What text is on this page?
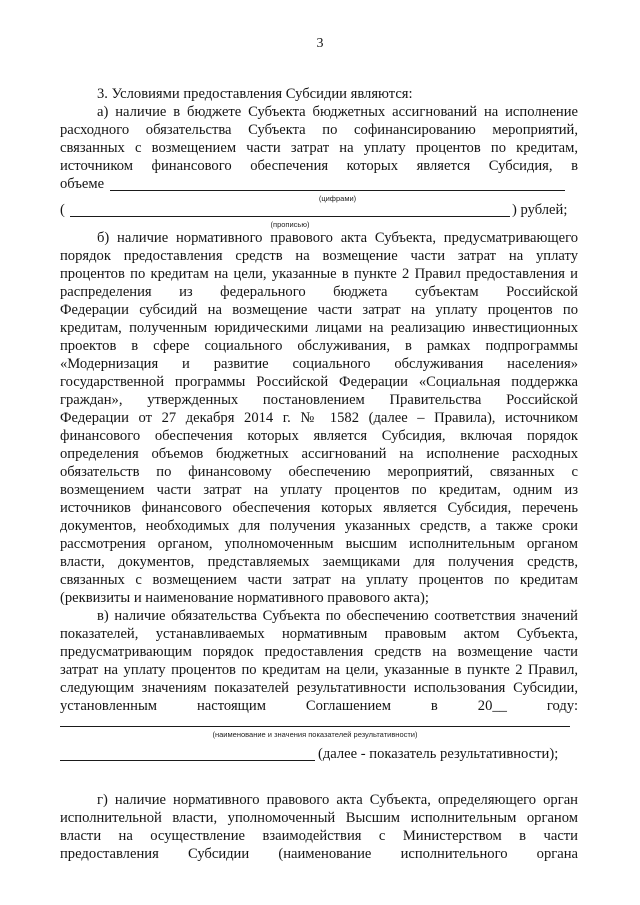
3
3. Условиями предоставления Субсидии являются:
а) наличие в бюджете Субъекта бюджетных ассигнований на исполнение
расходного обязательства Субъекта по софинансированию мероприятий,
связанных с возмещением части затрат на уплату процентов по кредитам,
источником финансового обеспечения которых является Субсидия, в
объеме
(цифрами)
(	) рублей;
(прописью)
б) наличие нормативного правового акта Субъекта, предусматривающего
порядок предоставления средств на возмещение части затрат на уплату
процентов по кредитам на цели, указанные в пункте 2 Правил предоставления и
распределения из федерального бюджета субъектам Российской
Федерации субсидий на возмещение части затрат на уплату процентов по
кредитам, полученным юридическими лицами на реализацию инвестиционных
проектов в сфере социального обслуживания, в рамках подпрограммы
«Модернизация и развитие социального обслуживания населения»
государственной программы Российской Федерации «Социальная поддержка
граждан», утвержденных постановлением Правительства Российской
Федерации от 27 декабря 2014 г. № 1582 (далее – Правила), источником
финансового обеспечения которых является Субсидия, включая порядок
определения объемов бюджетных ассигнований на исполнение расходных
обязательств по финансовому обеспечению мероприятий, связанных с
возмещением части затрат на уплату процентов по кредитам, одним из
источников финансового обеспечения которых является Субсидия, перечень
документов, необходимых для получения указанных средств, а также сроки
рассмотрения органом, уполномоченным высшим исполнительным органом
власти, документов, представляемых заемщиками для получения средств,
связанных с возмещением части затрат на уплату процентов по кредитам
(реквизиты и наименование нормативного правового акта);
в) наличие обязательства Субъекта по обеспечению соответствия значений
показателей, устанавливаемых нормативным правовым актом Субъекта,
предусматривающим порядок предоставления средств на возмещение части
затрат на уплату процентов по кредитам на цели, указанные в пункте 2 Правил,
следующим значениям показателей результативности использования Субсидии,
установленным настоящим Соглашением в 20__ году:
(наименование и значения показателей результативности)
(далее - показатель результативности);
г) наличие нормативного правового акта Субъекта, определяющего орган
исполнительной власти, уполномоченный Высшим исполнительным органом
власти на осуществление взаимодействия с Министерством в части
предоставления Субсидии (наименование исполнительного органа
